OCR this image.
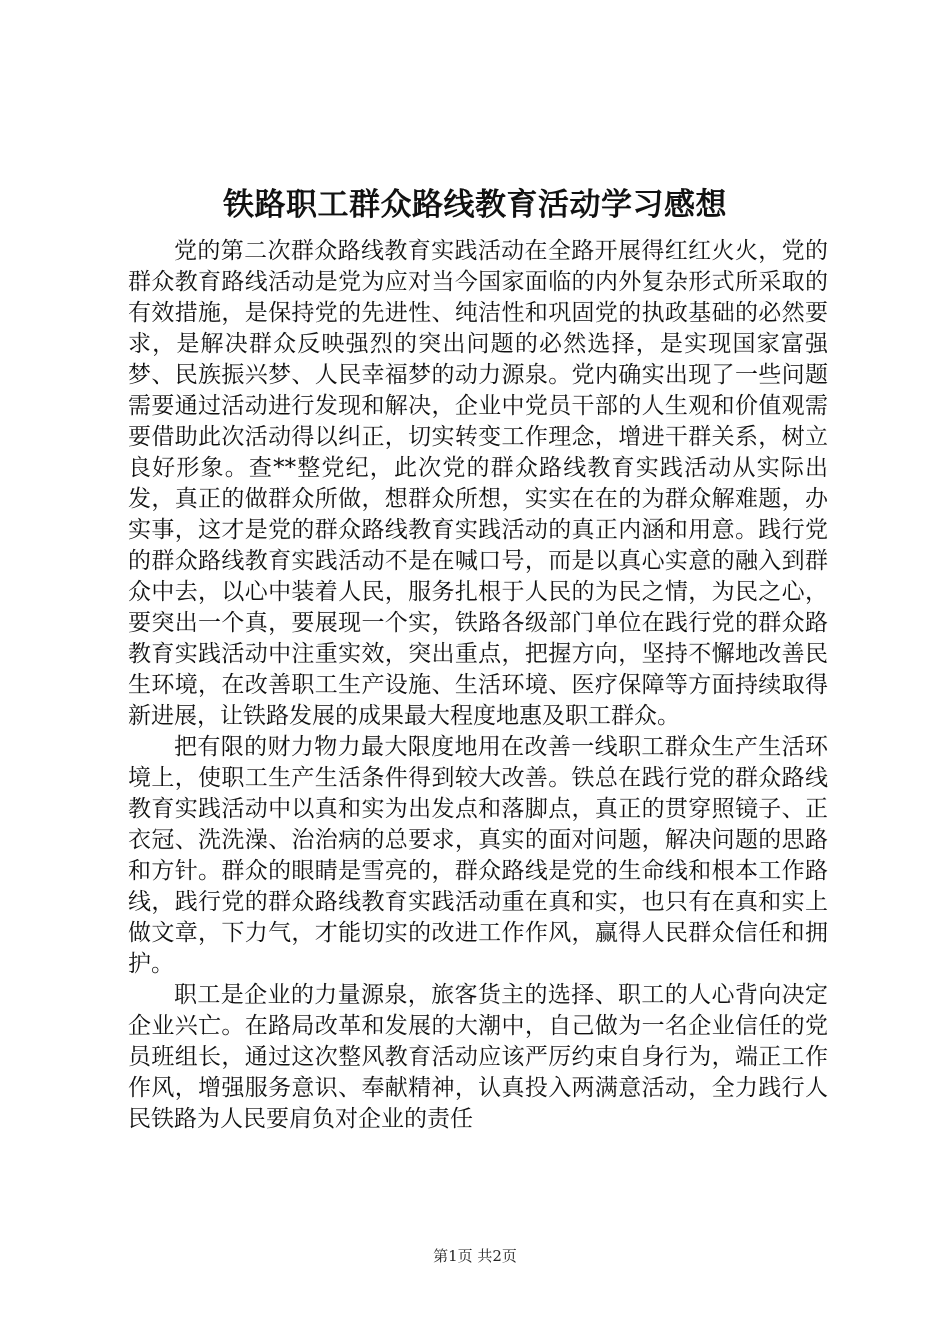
铁路职工群众路线教育活动学习感想

党的第二次群众路线教育实践活动在全路开展得红红火火，党的群众教育路线活动是党为应对当今国家面临的内外复杂形式所采取的有效措施，是保持党的先进性、纯洁性和巩固党的执政基础的必然要求，是解决群众反映强烈的突出问题的必然选择，是实现国家富强梦、民族振兴梦、人民幸福梦的动力源泉。党内确实出现了一些问题需要通过活动进行发现和解决，企业中党员干部的人生观和价值观需要借助此次活动得以纠正，切实转变工作理念，增进干群关系，树立良好形象。查**整党纪，此次党的群众路线教育实践活动从实际出发，真正的做群众所做，想群众所想，实实在在的为群众解难题，办实事，这才是党的群众路线教育实践活动的真正内涵和用意。践行党的群众路线教育实践活动不是在喊口号，而是以真心实意的融入到群众中去，以心中装着人民，服务扎根于人民的为民之情，为民之心，要突出一个真，要展现一个实，铁路各级部门单位在践行党的群众路教育实践活动中注重实效，突出重点，把握方向，坚持不懈地改善民生环境，在改善职工生产设施、生活环境、医疗保障等方面持续取得新进展，让铁路发展的成果最大程度地惠及职工群众。

把有限的财力物力最大限度地用在改善一线职工群众生产生活环境上，使职工生产生活条件得到较大改善。铁总在践行党的群众路线教育实践活动中以真和实为出发点和落脚点，真正的贯穿照镜子、正衣冠、洗洗澡、治治病的总要求，真实的面对问题，解决问题的思路和方针。群众的眼睛是雪亮的，群众路线是党的生命线和根本工作路线，践行党的群众路线教育实践活动重在真和实，也只有在真和实上做文章，下力气，才能切实的改进工作作风，赢得人民群众信任和拥护。

职工是企业的力量源泉，旅客货主的选择、职工的人心背向决定企业兴亡。在路局改革和发展的大潮中，自己做为一名企业信任的党员班组长，通过这次整风教育活动应该严厉约束自身行为，端正工作作风，增强服务意识、奉献精神，认真投入两满意活动，全力践行人民铁路为人民要肩负对企业的责任

第1页 共2页
